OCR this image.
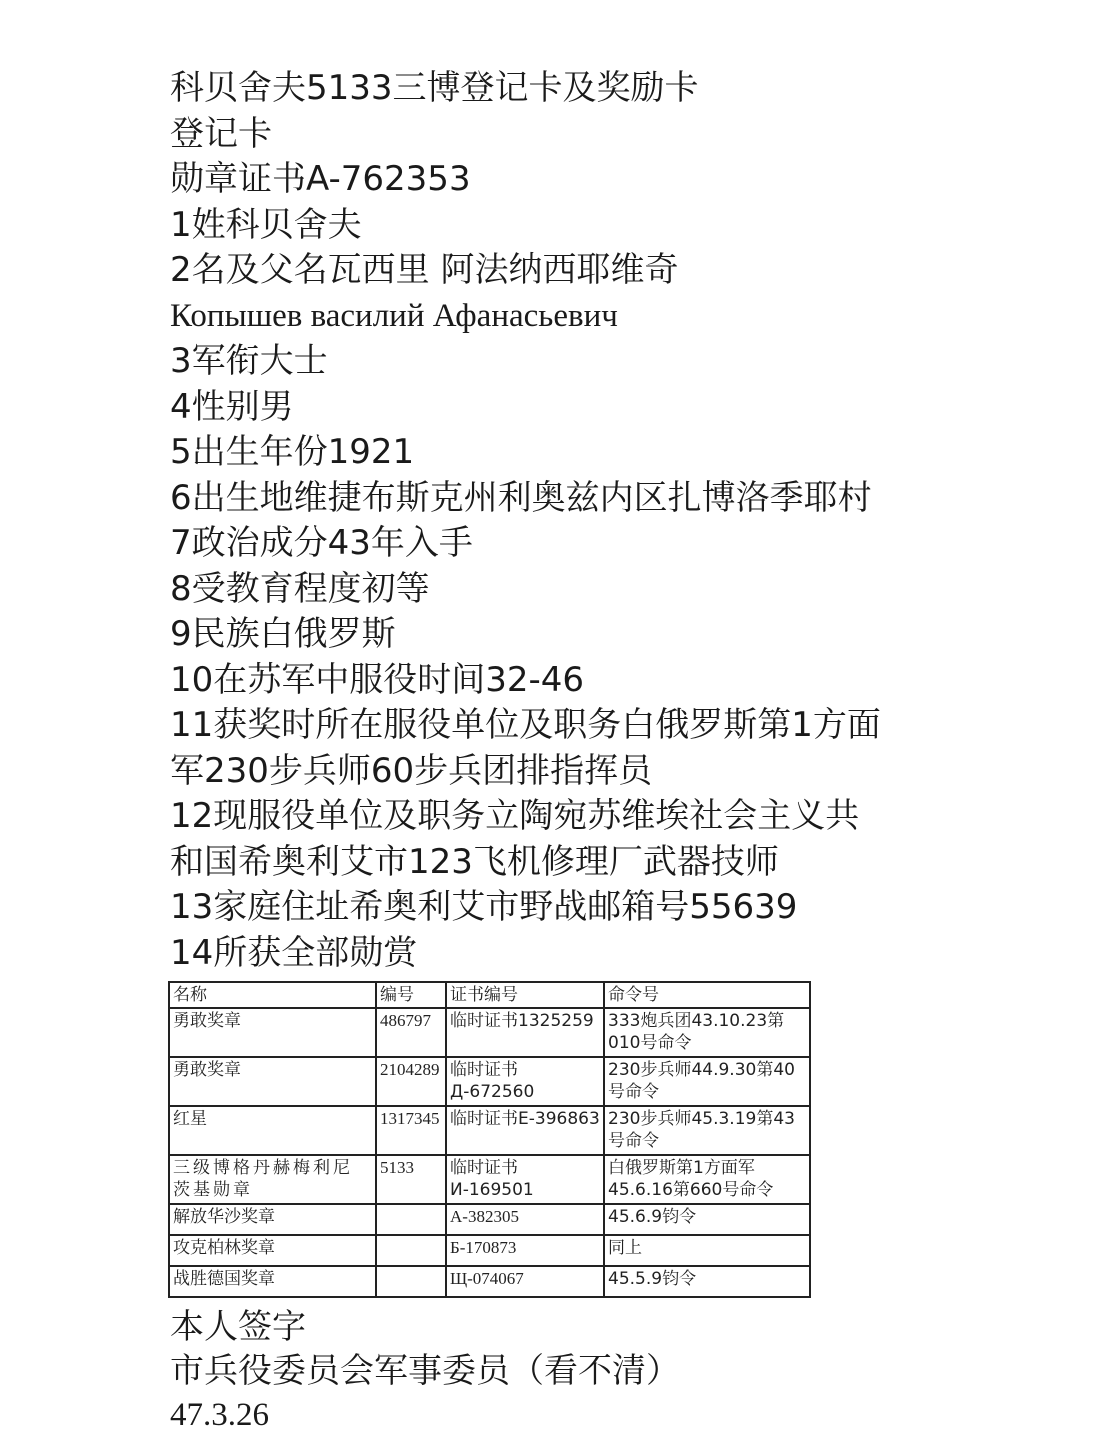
科贝舍夫5133三博登记卡及奖励卡
登记卡
勋章证书A-762353
1姓科贝舍夫
2名及父名瓦西里 阿法纳西耶维奇
Копышев василий Афанасьевич
3军衔大士
4性别男
5出生年份1921
6出生地维捷布斯克州利奥兹内区扎博洛季耶村
7政治成分43年入手
8受教育程度初等
9民族白俄罗斯
10在苏军中服役时间32-46
11获奖时所在服役单位及职务白俄罗斯第1方面
军230步兵师60步兵团排指挥员
12现服役单位及职务立陶宛苏维埃社会主义共
和国希奥利艾市123飞机修理厂武器技师
13家庭住址希奥利艾市野战邮箱号55639
14所获全部勋赏
名称	编号	证书编号	命令号
勇敢奖章	486797	临时证书1325259	333炮兵团43.10.23第010号命令
勇敢奖章	2104289	临时证书Д-672560	230步兵师44.9.30第40号命令
红星	1317345	临时证书E-396863	230步兵师45.3.19第43号命令
三级博格丹赫梅利尼茨基勋章	5133	临时证书И-169501	白俄罗斯第1方面军45.6.16第660号命令
解放华沙奖章		A-382305	45.6.9钧令
攻克柏林奖章		Б-170873	同上
战胜德国奖章		Щ-074067	45.5.9钧令
本人签字
市兵役委员会军事委员（看不清）
47.3.26
